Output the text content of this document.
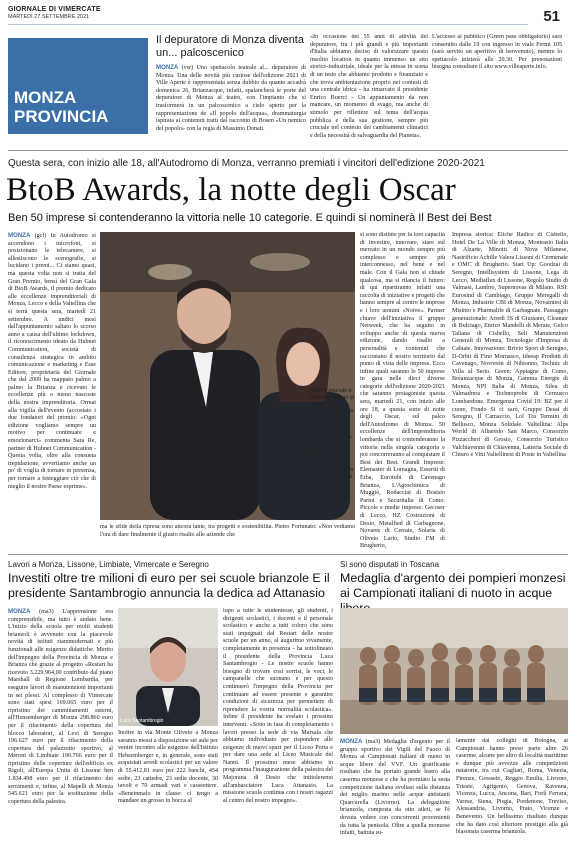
GIORNALE DI VIMERCATE
MARTEDÌ 27 SETTEMBRE 2021	51
MONZA
PROVINCIA
Il depuratore di Monza diventa un... palcoscenico
MONZA (vsr) Uno spettacolo teatrale al... depuratore di Monza. Una delle novità più curiose dell'edizione 2021 di Ville Aperte è rappresentata senza dubbio da quanto accadrà domenica 26, Brianzacque, infatti, spalancherà le porte del depuratore di Monza al teatro, con l'impianto che si trasformerà in un palcoscenico a cielo aperto per la rappresentazione de «Il popolo dell'acqua», drammaturgia ispirata ai contenuti tratti dal racconto di Bosen «Un nemico del popolo» con la regia di Massimo Donati.
«In occasione dei 55 anni di attività del depuratore, tra i più grandi e più importanti d'Italia abbiamo deciso di valorizzare questo insolito location in quanto immenso un sito storico-industriale, ideale per la messa in scena di un testo che abbiamo prodotto e finanziato e che trova ambientazione proprio nei contesti di una centrale idrica - ha rimarcato il presidente Enrico Boerci - Un appuntamento da non mancare, un momento di svago, ma anche di stimolo per riflettere sul tema dell'acqua pubblica e della sua gestione, sempre più cruciale nel contesto dei cambiamenti climatici e della necessità di salvaguardia del Pianeta».
L'accesso al pubblico (Green pass obbligatorio) sarà consentito dalle 19 con ingresso in viale Fermi 105 (sarà servito un aperitivo di benvenuto), mentre lo spettacolo inizierà alle 20.30. Per prenotazioni bisogna consultare il sito www.villeaperte.info.
Questa sera, con inizio alle 18, all'Autodromo di Monza, verranno premiati i vincitori dell'edizione 2020-2021
BtoB Awards, la notte degli Oscar
Ben 50 imprese si contenderanno la vittoria nelle 10 categorie. E quindi si nominerà Il Best dei Best
MONZA (gcf) In Autodromo si accendono i microfoni, si posizionano le telecamere, si allestiscono le scenografie, si lucidano i premi... Ci siamo quasi, ma questa volta non si tratta del Gran Premio, bensì del Gran Gala di BtoB Awards, il premio dedicato alle eccellenze imprenditoriali di Monza, Lecco e della Valtellina che si terrà questa sera, martedì 21 settembre. A undici mesi dall'appuntamento saltato lo scorso anno a causa dell'ultimo lockdown, il riconoscimento ideato da Hubnet Communication, società di consulenza strategica in ambito comunicazione e marketing e Esse Editore, proprietaria del Giornale che dal 2009 ha mappato palmo a palmo la Brianza e ricevuto le eccellenze più o meno nascoste della nostra imprenditoria. Ormai alla vigilia dell'evento (accostato i due fondatori del premio: «Ogni edizione vogliamo sempre un motivo per continuare e emozionarci» commenta Sara Re, partner di Hubnet Communication - Questa volta, oltre alla consueta trepidazione, avvertiamo anche un po' di voglia di tornare in presenza, per tornare a festeggiare ciò che di meglio il nostro Paese esprime».
Pietro Fortunato e Sara Re, partner di Hubnet Communication, la società monzese specializzata in comunicazione integrata e che ha tra le altre cose organizzato BtoB Awards. Il Gala Event è in programma questa sera all'autodromo di Monza con inizio alle ore 18
ma le sfide della ripresa sono ancora tante, tra progetti e sostenibilità. Pietro Fortunato: «Non vediamo l'ora di dare finalmente il giusto risalto alle aziende che
si sono distinte per la loro capacità di investire, innovare, stare sul mercato in un mondo sempre più complesso e sempre più interconnesso, nel bene e nel male. Con il Gala non si chiude qualcosa, ma si rilancia il futuro: di qui ripartiranno infatti una raccolta di iniziative e progetti che hanno sempre al centro le imprese e i loro uomini «Noive». Partner chiave dell'iniziativa il gruppo Netweek, che ha seguito in sviluppo anche di questa nuova edizione, dando risalto a personalità e contenuti che raccontano il nostro territorio dal punto di vista delle imprese. Ecco infine quali saranno le 50 imprese in gara nelle dieci diverse categorie dell'edizione 2020-2021 che saranno protagoniste questa sera, martedì 21, con inizio alle ore 18, a questa sorte di notte degli Oscar, sul palco dell'Autodromo di Monza. 50 eccellenze dell'imprenditoria lombarda che si contenderanno la vittoria nella singola categoria e poi concorreranno al conquistare il Best dei Best. Grandi Imprese: Elemaster di Lomagna, Esseriti di Erba, Eurotubi di Cavenago Brianza, L'Agrochimica di Muggiò, Rodacciai di Bosisio Parini e Securitalia di Como. Piccole e medie imprese: Gecoser di Lecco, HZ Costruzioni di Desio, Metalfied di Carbagnone, Novares di Cerrate, Solaria di Oliveto Lario, Studio FM di Brugherio,
Impresa storica: Eliche Radice di Cisbello, Hotel De La Ville di Monza, Montrasio Italia di Alzarte, Minotti di Nova Milanese, Nastrificio Achille Valera Lissoni di Cermenate e OMC di Brugherio. Start Up: Goodzai di Seregno, Intellisystem di Lissone, Lega di Lecco, Mediaflux di Lissone, Regolo Studio di Valmasi, Lambro, Supernovas di Milano. RSI: Eurosind di Cambiago, Gruppo Meregalli di Monza, Industrie CBI di Monza, Novaintesi di Misinto e Pharmalife di Garbagnate. Passaggio generazionale: Arredi 3S di Giussano, Cleanair di Bulciago, Enrico Mandelli di Merate, Gelco Taliana di Cisbello, Seli Manutenzioni Generali di Monza, Tecnologie d'Impresa di Cabiate. Innovazione: Brivio Sport di Seregno, D-Orbit di Fino Mornasco, Ideeap Prodotti di Cavenago, Novorein di Nibionno, Technic di Villa al Serio. Green: Appiagne di Como, Bréanzacque di Monza, Gamma Energie di Monza, NPI Italia di Monza, Silea di Valmadrera e Technoprobe di Cernusco Lombardone. Emergenza Covid 19: BZ per il cuore, Fondo Si ci sarò, Gruppo Desai di Seregno, Il Camaccio, Lol Tra Termini di Bellusco, Monza Solidale. Valtellina: Alps World di Albaredo San Marco, Consorzio Pizzaccheri di Grosio, Consorzio Turistico Valchiavenna di Chiavenna, Latteria Sociale di Chiuro e Vini Valtellinesi di Poste in Valtellina
Lavori a Monza, Lissone, Limbiate, Vimercate e Seregno
Investiti oltre tre milioni di euro per sei scuole brianzole E il presidente Santambrogio annuncia la dedica ad Attanasio
MONZA (ma3) L'apprensione era comprensibile, ma tutto è andato bene. L'inizio della scuola per molti studenti brianzoli è avvenuto con la piacevole novità di istituti riammodernati e più funzionali alle esigenze didattiche. Merito dell'impegno della Provincia di Monza e Brianza che grazie al progetto «Restart ha ricevuto 3.229.964,00 contributo dal piano Marshall di Regione Lombardia, per eseguire lavori di manutenzioni importanti in sei plessi. Al complesso di Vimercate sono stati spesi 169.065 euro per il ripristino dei camminamenti esterni, all'Hensemberger di Monza 298.860 euro per il rifacimento della copertura del blocco laboratori, al Levi di Seregno 196.627 euro per il rifacimento della copertura del palazzetto sportivo, al Meroni di Limbiate 190.766 euro per il ripristino delle coperture dell'edificio ex Rigoli, all'Europa Unita di Lissone ben 1.834.498 euro per il rifacimento dei serramenti e, infine, al Mapelli di Monza 545.621 euro per la sostituzione della copertura della palestra.
Luca Santambrogio
Inoltre in via Monte Oliveto a Monza saranno messi a disposizione sei aule per venire incontro alle esigenze dell'Istituto Hehsemberger e, in generale, sono stati acquistati arredi scolastici per un valore di 55.412,81 euro per 222 banchi, 454 sedie, 23 cattedre, 23 sedie docente, 30 tavoli e 70 armadi vari e casseettere. «Beneinmalo in classe: ci tengo a mandare un grosso in bocca al
lupo a tutte le studentesse, gli studenti, i dirigenti scolastici, i docenti e il personale scolastico e anche a tutti coloro che sono stati impegnati dal Restart delle nostre scuole per un anno, al augurimo vivamente, completamente in presenza - ha sottolineato il presidente della Provincia Luca Santambrogio - Le nostre scuole hanno bisogno di trovare così sorrisi, le voci, le campanelle che suonano e per questo continuerò l'impegno della Provincia per continuare ad essere presente e garantire condizioni di sicurezza per permettere di riprendere la vostra normalità scolastica». Infine il presidente ha svelato i prossimi interventi. «Sono in fase di completamento i lavori presso la sede di via Marsala che abbiamo individuato per rispondere alle esigenze di nuovi spazi per il Liceo Porta e per dare una sede al Liceo Musicale del Nanni. Il prossimo mese abbiamo in programma l'inaugurazione della palestra del Majorana di Desio che intitoleremo all'ambasciatore Luca Attanasio. La missione scuola continua con i nostri ragazzi al centro del nostro impegno».
Si sono disputati in Toscana
Medaglia d'argento dei pompieri monzesi ai Campionati italiani di nuoto in acque
MONZA (ma3) Medaglia d'argento per il gruppo sportivo dei Vigili del Fuoco di Monza ai Campionati italiani di nuoto in acque libere del VVF. Un gratificante risultato che ha portato grande lustro alla caserma monzese e che ha premiato la sesta competizione italiana svoltasi sulla distanza dei miglio marino nelle acque antistanti Quarcarella (Livorno). La delegazione brianzola, composta da otto atleti, se l'è dovuta vedere con concorrenti provenienti da tutta la penisola. Oltre a quella monzese infatti, battuta su-
lamente dai colleghi di Bologna, ai Campionati hanno preso parte altre 26 caserme, alcune per altro di località marittime e dunque più avvezze alle competizioni natatorie, tra cui Cagliari, Roma, Venezia, Firenze, Grosseto, Reggio Emilia, Livorno, Trieste, Agrigento, Genova, Ravenna, Vicenza, Lucca, Ancona, Bari, Forlì Ferrara, Varese, Siena, Pisgia, Pordenone, Treviso, Alessandria, Livorno, Prato, Vicenze e Benevento. Un bellissimo risultato dunque che ha dato così ulteriore prestigio alla già blasonata caserma brianzola.
